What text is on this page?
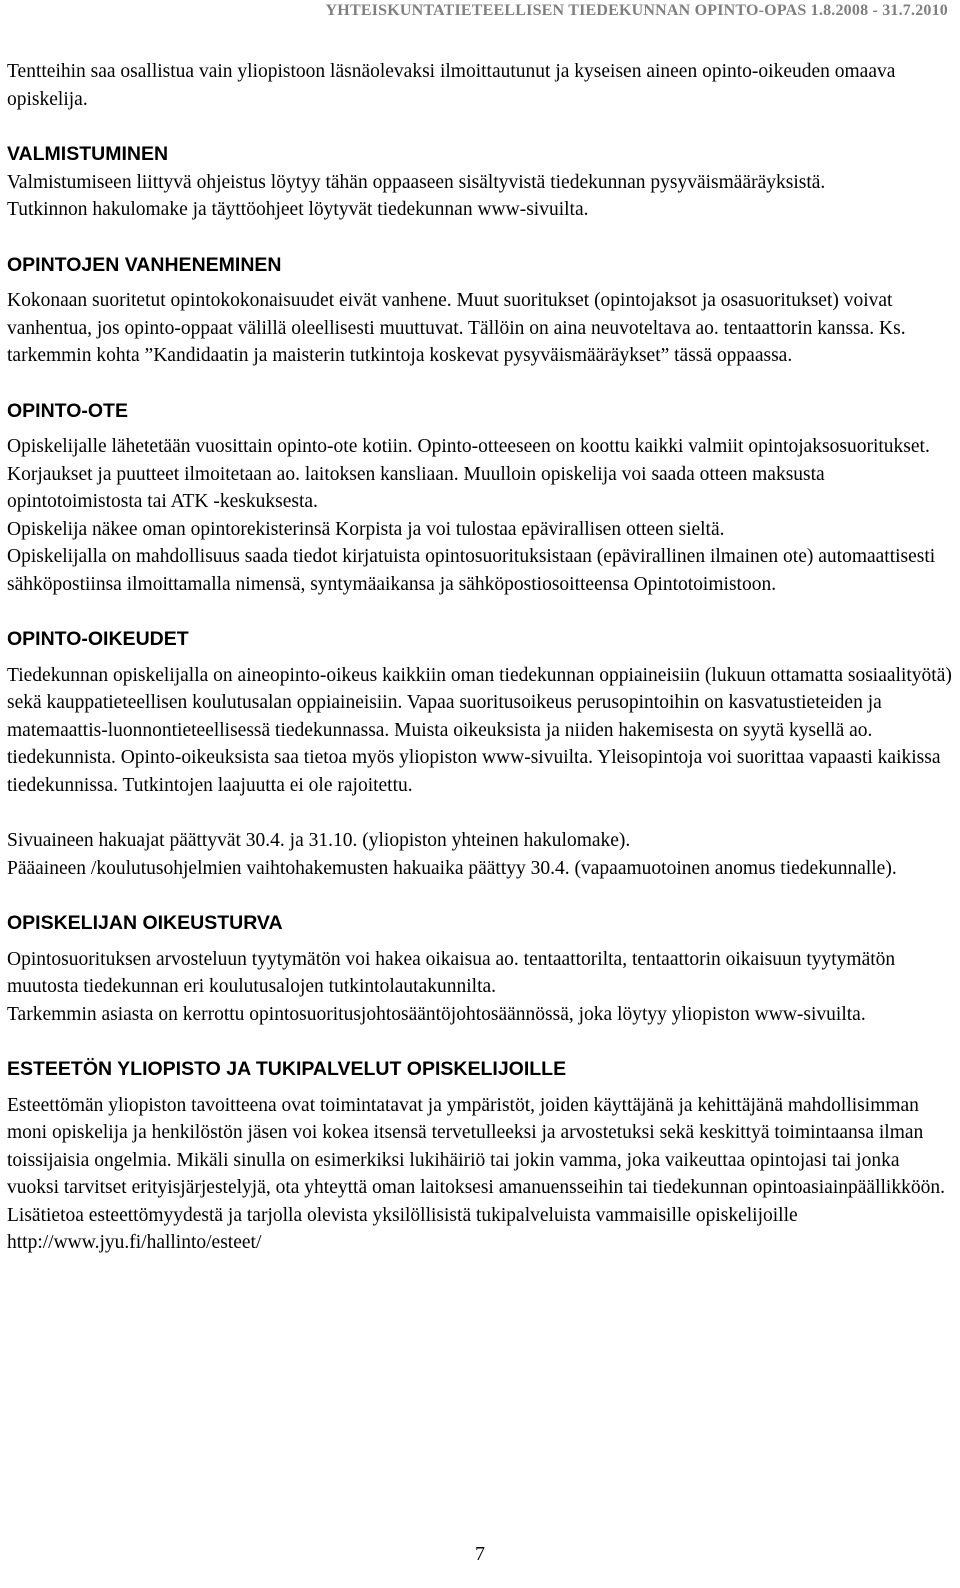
YHTEISKUNTATIETEELLISEN TIEDEKUNNAN OPINTO-OPAS 1.8.2008 - 31.7.2010

Tentteihin saa osallistua vain yliopistoon läsnäolevaksi ilmoittautunut ja kyseisen aineen opinto-oikeuden omaava opiskelija.

VALMISTUMINEN

Valmistumiseen liittyvä ohjeistus löytyy tähän oppaaseen sisältyvistä tiedekunnan pysyväismääräyksistä.

Tutkinnon hakulomake ja täyttöohjeet löytyvät tiedekunnan www-sivuilta.

OPINTOJEN VANHENEMINEN

Kokonaan suoritetut opintokokonaisuudet eivät vanhene. Muut suoritukset (opintojaksot ja osasuoritukset) voivat vanhentua, jos opinto-oppaat välillä oleellisesti muuttuvat. Tällöin on aina neuvoteltava ao. tentaattorin kanssa. Ks. tarkemmin kohta ”Kandidaatin ja maisterin tutkintoja koskevat pysyväismääräykset” tässä oppaassa.

OPINTO-OTE

Opiskelijalle lähetetään vuosittain opinto-ote kotiin. Opinto-otteeseen on koottu kaikki valmiit opintojaksosuoritukset. Korjaukset ja puutteet ilmoitetaan ao. laitoksen kansliaan. Muulloin opiskelija voi saada otteen maksusta opintotoimistosta tai ATK -keskuksesta.

Opiskelija näkee oman opintorekisterinsä Korpista ja voi tulostaa epävirallisen otteen sieltä.

Opiskelijalla on mahdollisuus saada tiedot kirjatuista opintosuorituksistaan (epävirallinen ilmainen ote) automaattisesti sähköpostiinsa ilmoittamalla nimensä, syntymäaikansa ja sähköpostiosoitteensa Opintotoimistoon.

OPINTO-OIKEUDET

Tiedekunnan opiskelijalla on aineopinto-oikeus kaikkiin oman tiedekunnan oppiaineisiin (lukuun ottamatta sosiaalityötä) sekä kauppatieteellisen koulutusalan oppiaineisiin. Vapaa suoritusoikeus perusopintoihin on kasvatustieteiden ja matemaattis-luonnontieteellisessä tiedekunnassa. Muista oikeuksista ja niiden hakemisesta on syytä kysellä ao. tiedekunnista. Opinto-oikeuksista saa tietoa myös yliopiston www-sivuilta. Yleisopintoja voi suorittaa vapaasti kaikissa tiedekunnissa. Tutkintojen laajuutta ei ole rajoitettu.

Sivuaineen hakuajat päättyvät 30.4. ja 31.10. (yliopiston yhteinen hakulomake).

Pääaineen /koulutusohjelmien vaihtohakemusten hakuaika päättyy 30.4. (vapaamuotoinen anomus tiedekunnalle).

OPISKELIJAN OIKEUSTURVA

Opintosuorituksen arvosteluun tyytymätön voi hakea oikaisua ao. tentaattorilta, tentaattorin oikaisuun tyytymätön muutosta tiedekunnan eri koulutusalojen tutkintolautakunnilta.

Tarkemmin asiasta on kerrottu opintosuoritusjohtosääntöjohtosäännössä, joka löytyy yliopiston www-sivuilta.

ESTEETÖN YLIOPISTO JA TUKIPALVELUT OPISKELIJOILLE

Esteettömän yliopiston tavoitteena ovat toimintatavat ja ympäristöt, joiden käyttäjänä ja kehittäjänä mahdollisimman moni opiskelija ja henkilöstön jäsen voi kokea itsensä tervetulleeksi ja arvostetuksi sekä keskittyä toimintaansa ilman toissijaisia ongelmia. Mikäli sinulla on esimerkiksi lukihäiriö tai jokin vamma, joka vaikeuttaa opintojasi tai jonka vuoksi tarvitset erityisjärjestelyjä, ota yhteyttä oman laitoksesi amanuensseihin tai tiedekunnan opintoasiainpäällikköön. Lisätietoa esteettömyydestä ja tarjolla olevista yksilöllisistä tukipalveluista vammaisille opiskelijoille http://www.jyu.fi/hallinto/esteet/

7
